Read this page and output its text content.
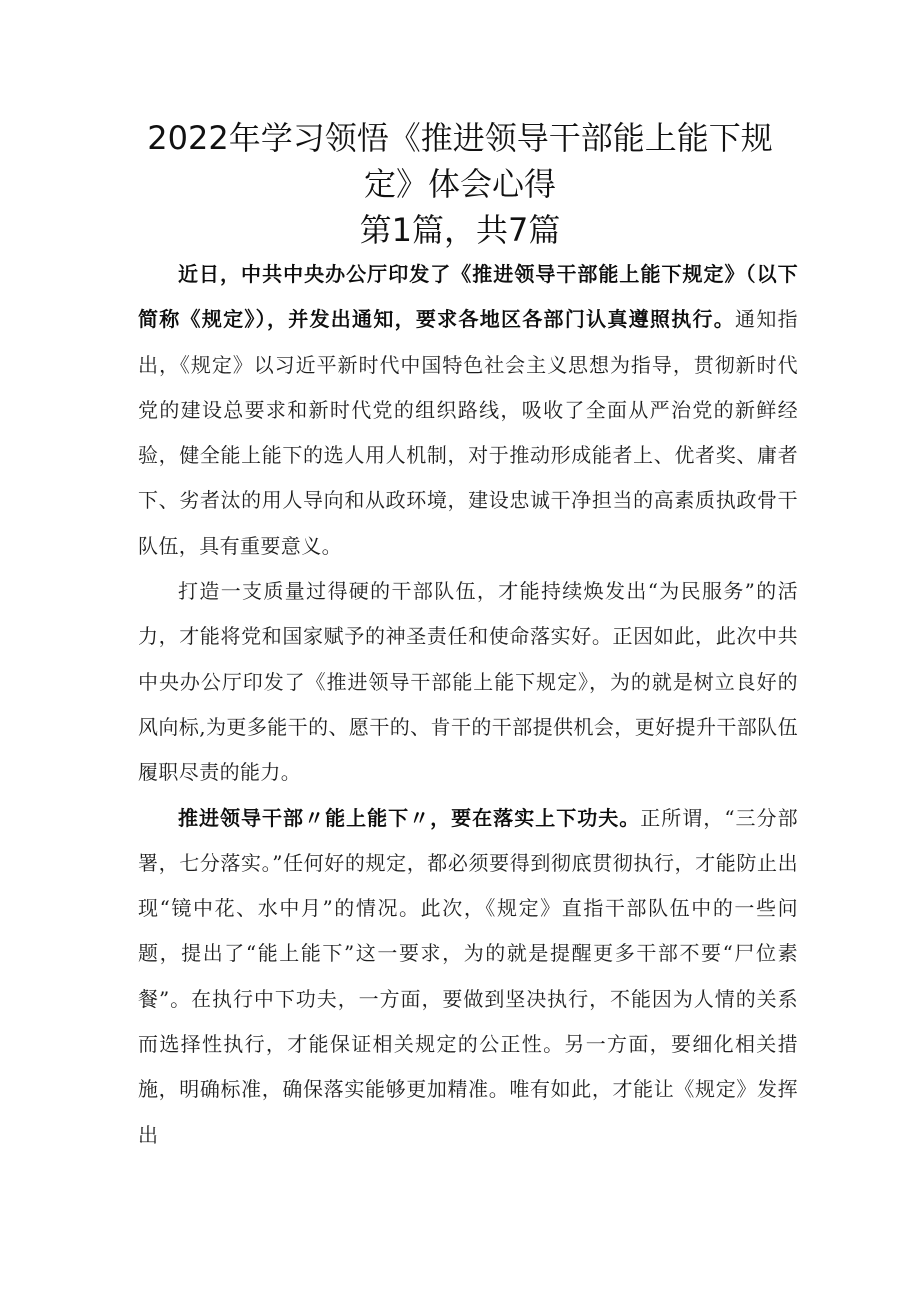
2022年学习领悟《推进领导干部能上能下规
定》体会心得
第1篇，共7篇

近日，中共中央办公厅印发了《推进领导干部能上能下规定》（以下简称《规定》），并发出通知，要求各地区各部门认真遵照执行。通知指出，《规定》以习近平新时代中国特色社会主义思想为指导，贯彻新时代党的建设总要求和新时代党的组织路线，吸收了全面从严治党的新鲜经验，健全能上能下的选人用人机制，对于推动形成能者上、优者奖、庸者下、劣者汰的用人导向和从政环境，建设忠诚干净担当的高素质执政骨干队伍，具有重要意义。

打造一支质量过得硬的干部队伍，才能持续焕发出“为民服务”的活力，才能将党和国家赋予的神圣责任和使命落实好。正因如此，此次中共中央办公厅印发了《推进领导干部能上能下规定》，为的就是树立良好的风向标,为更多能干的、愿干的、肯干的干部提供机会，更好提升干部队伍履职尽责的能力。

推进领导干部〃能上能下〃，要在落实上下功夫。正所谓，“三分部署，七分落实。”任何好的规定，都必须要得到彻底贯彻执行，才能防止出现“镜中花、水中月”的情况。此次，《规定》直指干部队伍中的一些问题，提出了“能上能下”这一要求，为的就是提醒更多干部不要“尸位素餐”。在执行中下功夫，一方面，要做到坚决执行，不能因为人情的关系而选择性执行，才能保证相关规定的公正性。另一方面，要细化相关措施，明确标准，确保落实能够更加精准。唯有如此，才能让《规定》发挥出
